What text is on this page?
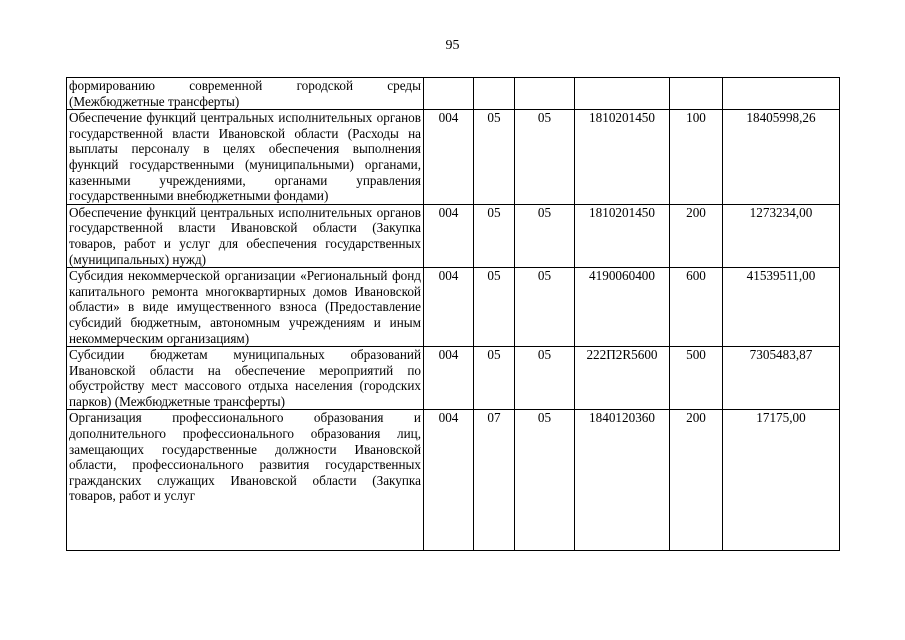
95
формированию современной городской среды (Межбюджетные трансферты)						
Обеспечение функций центральных исполнительных органов государственной власти Ивановской области (Расходы на выплаты персоналу в целях обеспечения выполнения функций государственными (муниципальными) органами, казенными учреждениями, органами управления государственными внебюджетными фондами)	004	05	05	1810201450	100	18405998,26
Обеспечение функций центральных исполнительных органов государственной власти Ивановской области (Закупка товаров, работ и услуг для обеспечения государственных (муниципальных) нужд)	004	05	05	1810201450	200	1273234,00
Субсидия некоммерческой организации «Региональный фонд капитального ремонта многоквартирных домов Ивановской области» в виде имущественного взноса (Предоставление субсидий бюджетным, автономным учреждениям и иным некоммерческим организациям)	004	05	05	4190060400	600	41539511,00
Субсидии бюджетам муниципальных образований Ивановской области на обеспечение мероприятий по обустройству мест массового отдыха населения (городских парков) (Межбюджетные трансферты)	004	05	05	222П2R5600	500	7305483,87
Организация профессионального образования и дополнительного профессионального образования лиц, замещающих государственные должности Ивановской области, профессионального развития государственных гражданских служащих Ивановской области (Закупка товаров, работ и услуг	004	07	05	1840120360	200	17175,00
